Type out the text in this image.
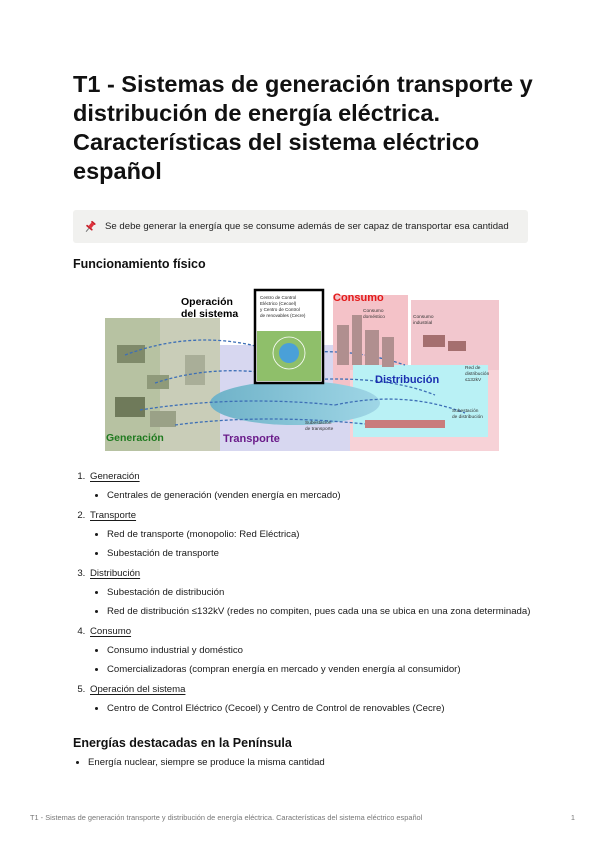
T1 - Sistemas de generación transporte y distribución de energía eléctrica. Características del sistema eléctrico español
Se debe generar la energía que se consume además de ser capaz de transportar esa cantidad
Funcionamiento físico
Operación
del sistema
Centro de Control
Eléctrico (Cecoel)
y Centro de Control
de renovables (Cecre)
Consumo
Consumo
doméstico	Consumo
industrial
Distribución
Red de
distribución
≤132kV
Subestación
de distribución
Subestación
de transporte
Generación	Transporte
1. Generación
• Centrales de generación (venden energía en mercado)
2. Transporte
• Red de transporte (monopolio: Red Eléctrica)
• Subestación de transporte
3. Distribución
• Subestación de distribución
• Red de distribución ≤132kV (redes no compiten, pues cada una se ubica en una zona determinada)
4. Consumo
• Consumo industrial y doméstico
• Comercializadoras (compran energía en mercado y venden energía al consumidor)
5. Operación del sistema
• Centro de Control Eléctrico (Cecoel) y Centro de Control de renovables (Cecre)
Energías destacadas en la Península
• Energía nuclear, siempre se produce la misma cantidad
T1 - Sistemas de generación transporte y distribución de energía eléctrica. Características del sistema eléctrico español	1
